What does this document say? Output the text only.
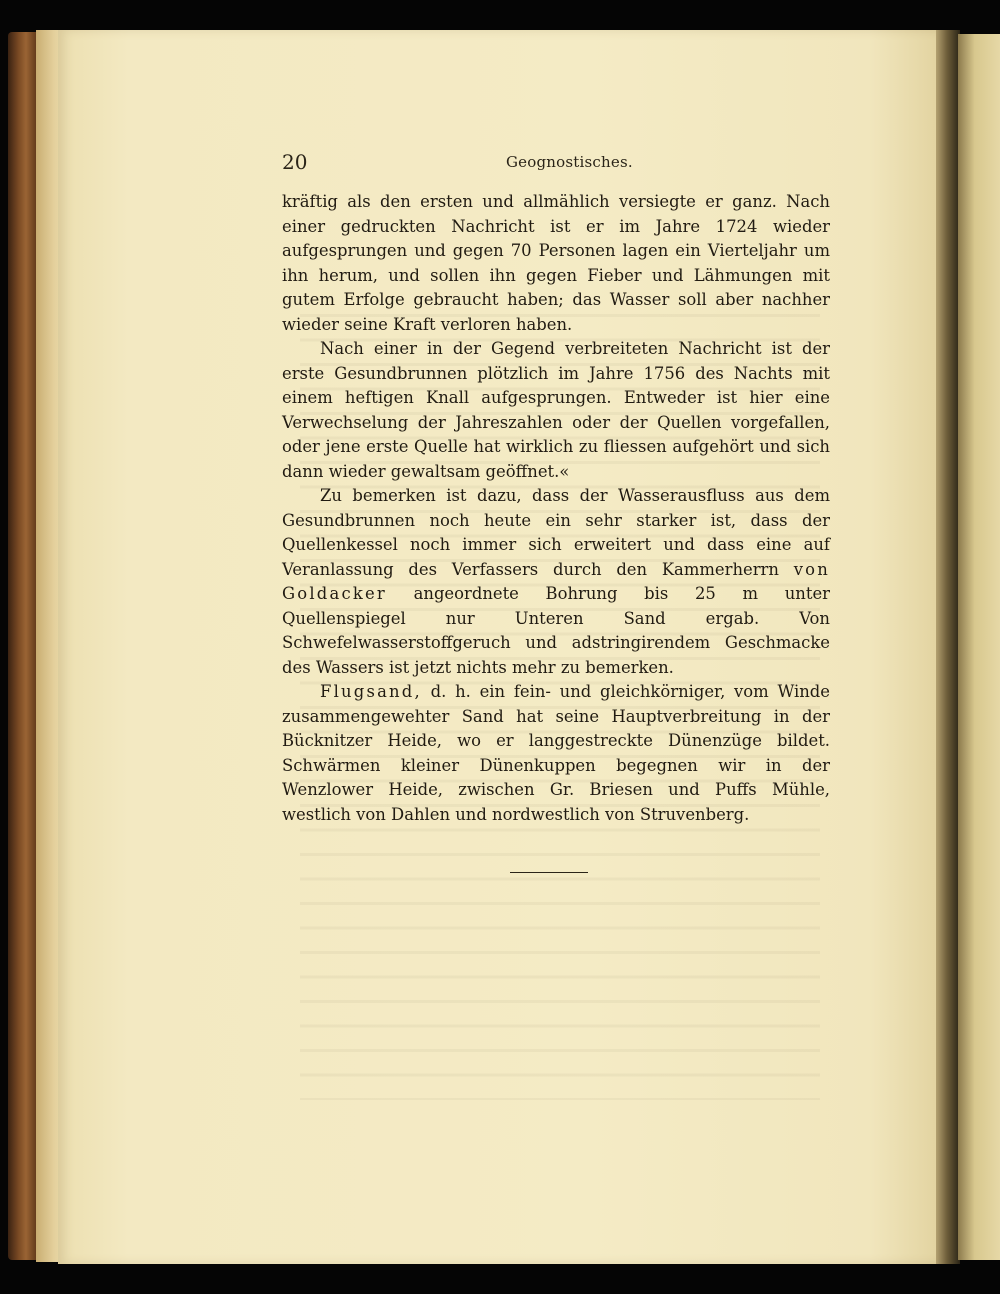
20	Geognostisches.

kräftig als den ersten und allmählich versiegte er ganz. Nach einer gedruckten Nachricht ist er im Jahre 1724 wieder aufgesprungen und gegen 70 Personen lagen ein Vierteljahr um ihn herum, und sollen ihn gegen Fieber und Lähmungen mit gutem Erfolge gebraucht haben; das Wasser soll aber nachher wieder seine Kraft verloren haben.

Nach einer in der Gegend verbreiteten Nachricht ist der erste Gesundbrunnen plötzlich im Jahre 1756 des Nachts mit einem heftigen Knall aufgesprungen. Entweder ist hier eine Verwechselung der Jahreszahlen oder der Quellen vorgefallen, oder jene erste Quelle hat wirklich zu fliessen aufgehört und sich dann wieder gewaltsam geöffnet.«

Zu bemerken ist dazu, dass der Wasserausfluss aus dem Gesundbrunnen noch heute ein sehr starker ist, dass der Quellenkessel noch immer sich erweitert und dass eine auf Veranlassung des Verfassers durch den Kammerherrn von Goldacker angeordnete Bohrung bis 25 m unter Quellenspiegel nur Unteren Sand ergab. Von Schwefelwasserstoffgeruch und adstringirendem Geschmacke des Wassers ist jetzt nichts mehr zu bemerken.

Flugsand, d. h. ein fein- und gleichkörniger, vom Winde zusammengewehter Sand hat seine Hauptverbreitung in der Bücknitzer Heide, wo er langgestreckte Dünenzüge bildet. Schwärmen kleiner Dünenkuppen begegnen wir in der Wenzlower Heide, zwischen Gr. Briesen und Puffs Mühle, westlich von Dahlen und nordwestlich von Struvenberg.
